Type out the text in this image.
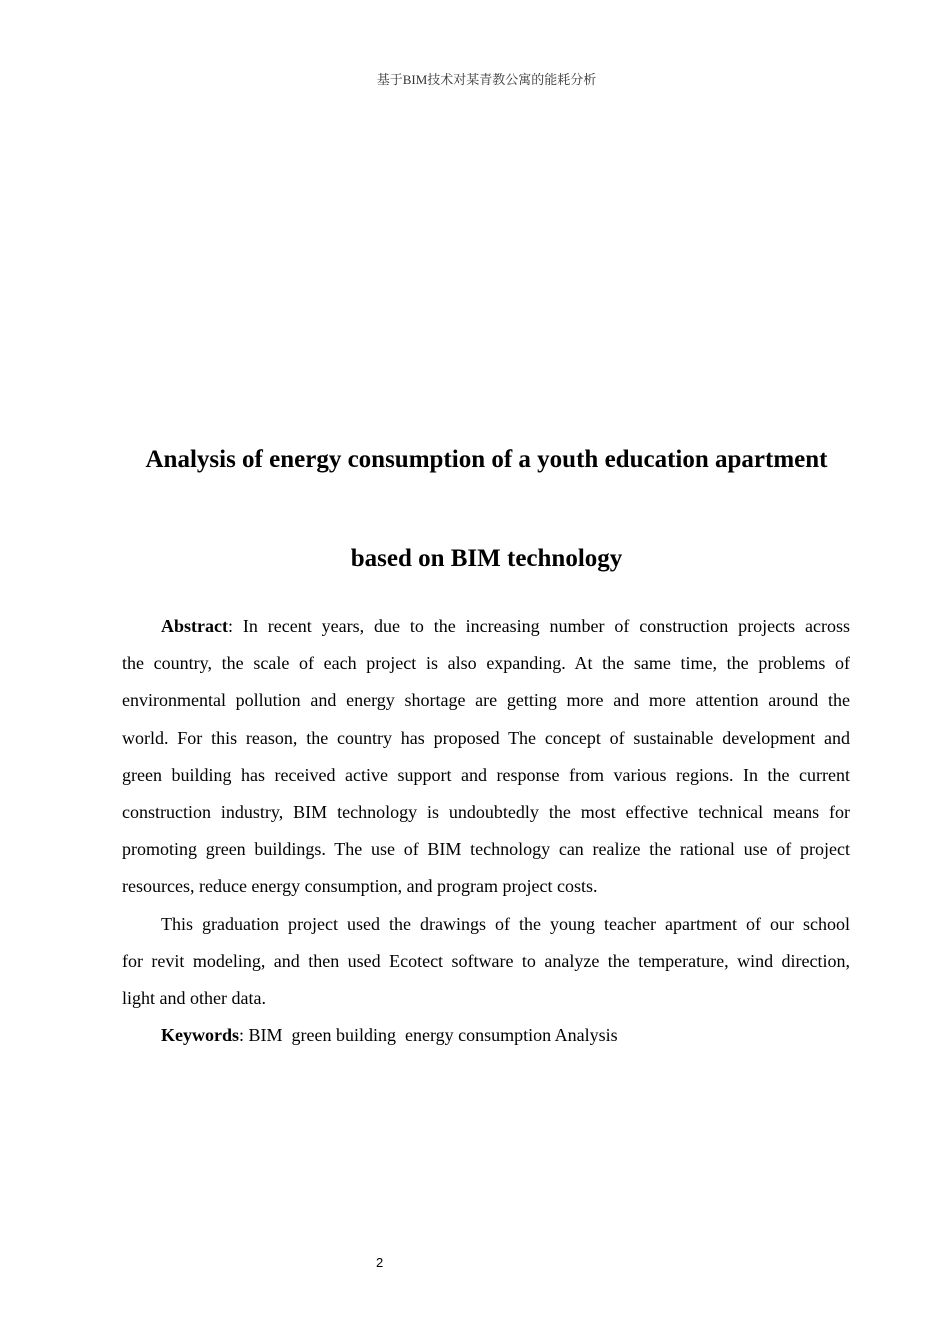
基于BIM技术对某青教公寓的能耗分析
Analysis of energy consumption of a youth education apartment
based on BIM technology
Abstract: In recent years, due to the increasing number of construction projects across
the country, the scale of each project is also expanding. At the same time, the problems of
environmental pollution and energy shortage are getting more and more attention around the
world. For this reason, the country has proposed The concept of sustainable development and
green building has received active support and response from various regions. In the current
construction industry, BIM technology is undoubtedly the most effective technical means for
promoting green buildings. The use of BIM technology can realize the rational use of project
resources, reduce energy consumption, and program project costs.
This graduation project used the drawings of the young teacher apartment of our school
for revit modeling, and then used Ecotect software to analyze the temperature, wind direction,
light and other data.
Keywords: BIM  green building  energy consumption Analysis
2
